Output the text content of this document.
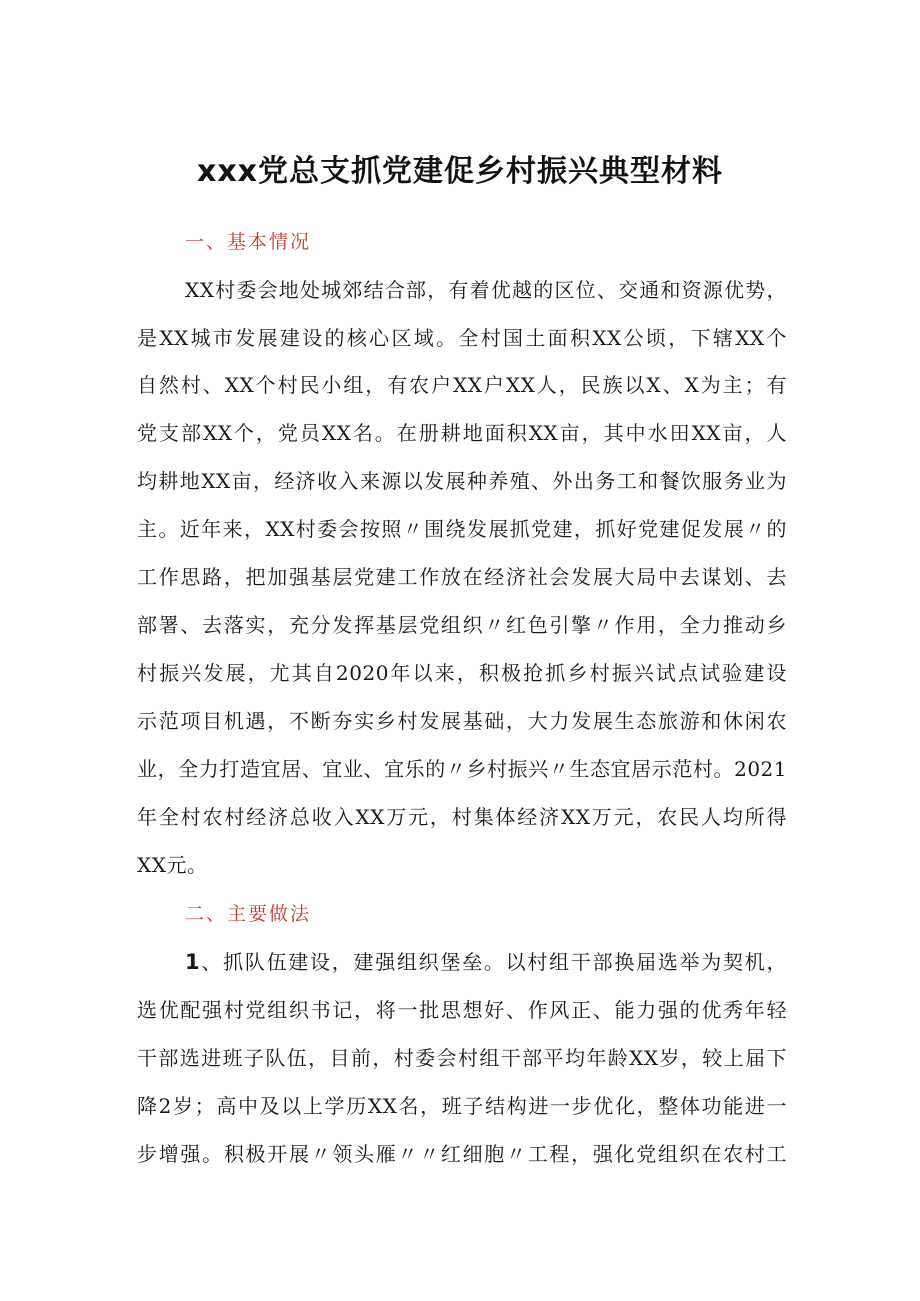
xxx党总支抓党建促乡村振兴典型材料
一、基本情况
XX村委会地处城郊结合部，有着优越的区位、交通和资源优势，
是XX城市发展建设的核心区域。全村国土面积XX公顷，下辖XX个
自然村、XX个村民小组，有农户XX户XX人，民族以X、X为主；有
党支部XX个，党员XX名。在册耕地面积XX亩，其中水田XX亩，人
均耕地XX亩，经济收入来源以发展种养殖、外出务工和餐饮服务业为
主。近年来，XX村委会按照〃围绕发展抓党建，抓好党建促发展〃的
工作思路，把加强基层党建工作放在经济社会发展大局中去谋划、去
部署、去落实，充分发挥基层党组织〃红色引擎〃作用，全力推动乡
村振兴发展，尤其自2020年以来，积极抢抓乡村振兴试点试验建设
示范项目机遇，不断夯实乡村发展基础，大力发展生态旅游和休闲农
业，全力打造宜居、宜业、宜乐的〃乡村振兴〃生态宜居示范村。2021
年全村农村经济总收入XX万元，村集体经济XX万元，农民人均所得
XX元。
二、主要做法
1、抓队伍建设，建强组织堡垒。以村组干部换届选举为契机，
选优配强村党组织书记，将一批思想好、作风正、能力强的优秀年轻
干部选进班子队伍，目前，村委会村组干部平均年龄XX岁，较上届下
降2岁；高中及以上学历XX名，班子结构进一步优化，整体功能进一
步增强。积极开展〃领头雁〃〃红细胞〃工程，强化党组织在农村工
